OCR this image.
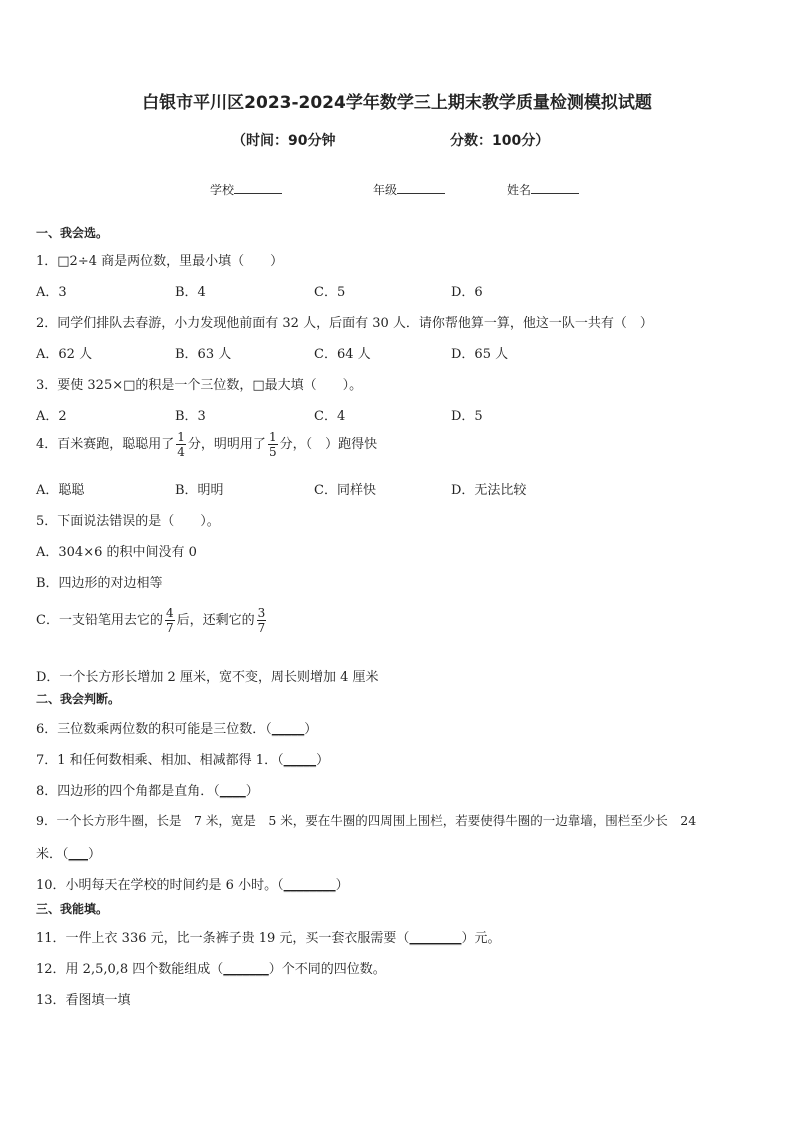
白银市平川区2023-2024学年数学三上期末教学质量检测模拟试题
（时间：90分钟	分数：100分）
学校	年级	姓名
一、我会选。
1．□2÷4 商是两位数，里最小填（　　）
A．3	B．4	C．5	D．6
2．同学们排队去春游，小力发现他前面有 32 人，后面有 30 人．请你帮他算一算，他这一队一共有（　）
A．62 人	B．63 人	C．64 人	D．65 人
3．要使 325×□的积是一个三位数，□最大填（　　）。
A．2	B．3	C．4	D．5
4．百米赛跑，聪聪用了 $\frac{1}{4}$ 分，明明用了 $\frac{1}{5}$ 分，（　）跑得快
A．聪聪	B．明明	C．同样快	D．无法比较
5．下面说法错误的是（　　）。
A．304×6 的积中间没有 0
B．四边形的对边相等
C．一支铅笔用去它的 $\frac{4}{7}$ 后，还剩它的 $\frac{3}{7}$
D．一个长方形长增加 2 厘米，宽不变，周长则增加 4 厘米
二、我会判断。
6．三位数乘两位数的积可能是三位数．（_____）
7．1 和任何数相乘、相加、相减都得 1．（_____）
8．四边形的四个角都是直角．（____）
9．一个长方形牛圈，长是　7 米，宽是　5 米，要在牛圈的四周围上围栏，若要使得牛圈的一边靠墙，围栏至少长　24
米．（___）
10．小明每天在学校的时间约是 6 小时。（________）
三、我能填。
11．一件上衣 336 元，比一条裤子贵 19 元，买一套衣服需要（________）元。
12．用 2,5,0,8 四个数能组成（_______）个不同的四位数。
13．看图填一填
